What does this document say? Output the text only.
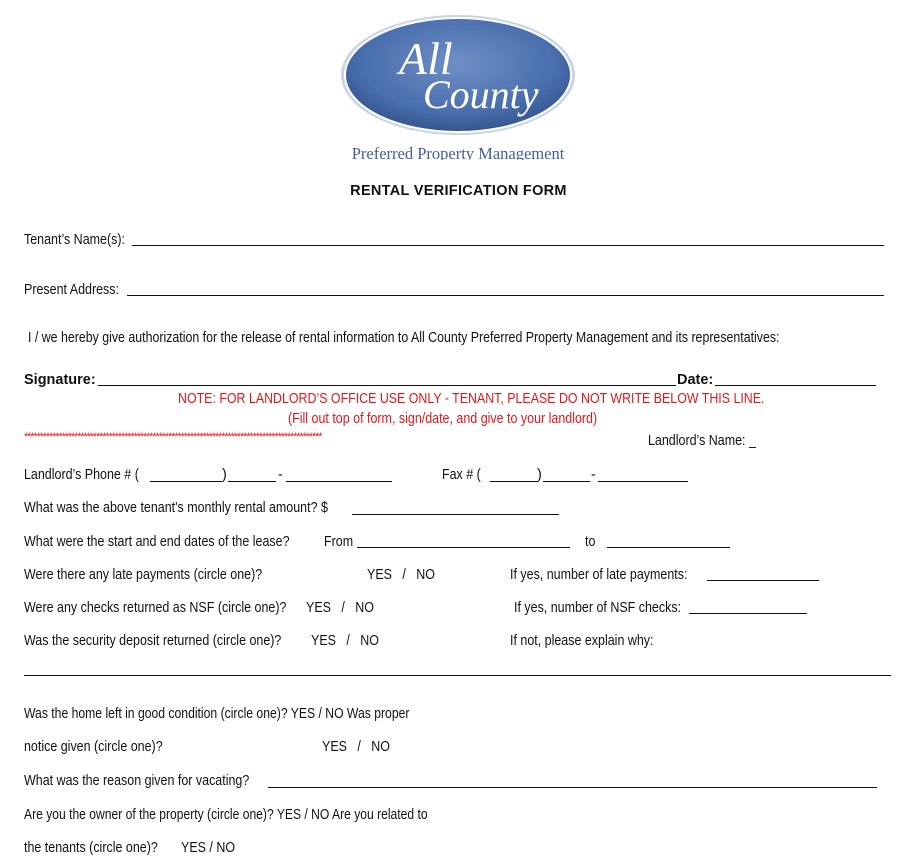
All
County
Preferred Property Management
RENTAL VERIFICATION FORM
Tenant’s Name(s):
Present Address:
I / we hereby give authorization for the release of rental information to All County Preferred Property Management and its representatives:
Signature:	Date:
NOTE: FOR LANDLORD’S OFFICE USE ONLY - TENANT, PLEASE DO NOT WRITE BELOW THIS LINE.
(Fill out top of form, sign/date, and give to your landlord)
***********************************************************************************************	Landlord’s Name: _
Landlord’s Phone # (	)	-	Fax # (	)	-
What was the above tenant's monthly rental amount? $
What were the start and end dates of the lease?	From	to
Were there any late payments (circle one)?	YES   /   NO	If yes, number of late payments:
Were any checks returned as NSF (circle one)?	YES   /   NO	If yes, number of NSF checks:
Was the security deposit returned (circle one)?	YES   /   NO	If not, please explain why:
Was the home left in good condition (circle one)? YES / NO Was proper
notice given (circle one)?	YES   /   NO
What was the reason given for vacating?
Are you the owner of the property (circle one)? YES / NO Are you related to
the tenants (circle one)?	YES / NO
